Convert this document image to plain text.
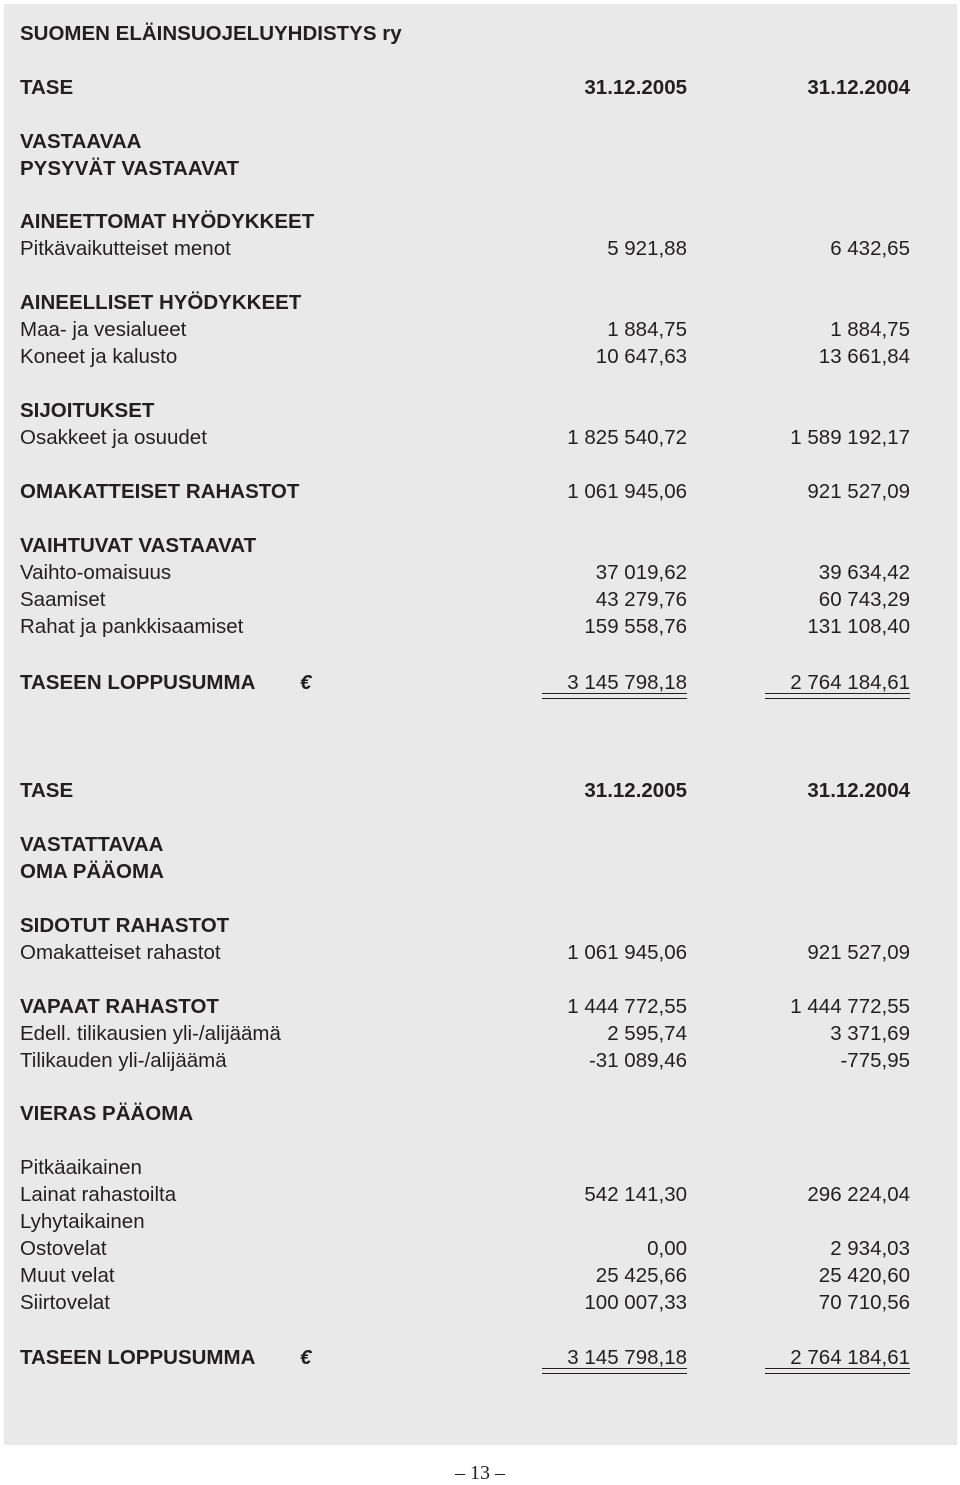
SUOMEN ELÄINSUOJELUYHDISTYS ry
TASE	31.12.2005	31.12.2004
VASTAAVAA
PYSYVÄT VASTAAVAT
AINEETTOMAT HYÖDYKKEET
Pitkävaikutteiset menot	5 921,88	6 432,65
AINEELLISET HYÖDYKKEET
Maa- ja vesialueet	1 884,75	1 884,75
Koneet ja kalusto	10 647,63	13 661,84
SIJOITUKSET
Osakkeet ja osuudet	1 825 540,72	1 589 192,17
OMAKATTEISET RAHASTOT	1 061 945,06	921 527,09
VAIHTUVAT VASTAAVAT
Vaihto-omaisuus	37 019,62	39 634,42
Saamiset	43 279,76	60 743,29
Rahat ja pankkisaamiset	159 558,76	131 108,40
TASEEN LOPPUSUMMA €	3 145 798,18	2 764 184,61
TASE	31.12.2005	31.12.2004
VASTATTAVAA
OMA PÄÄOMA
SIDOTUT RAHASTOT
Omakatteiset rahastot	1 061 945,06	921 527,09
VAPAAT RAHASTOT	1 444 772,55	1 444 772,55
Edell. tilikausien yli-/alijäämä	2 595,74	3 371,69
Tilikauden yli-/alijäämä	-31 089,46	-775,95
VIERAS PÄÄOMA
Pitkäaikainen
Lainat rahastoilta	542 141,30	296 224,04
Lyhytaikainen
Ostovelat	0,00	2 934,03
Muut velat	25 425,66	25 420,60
Siirtovelat	100 007,33	70 710,56
TASEEN LOPPUSUMMA €	3 145 798,18	2 764 184,61
– 13 –
